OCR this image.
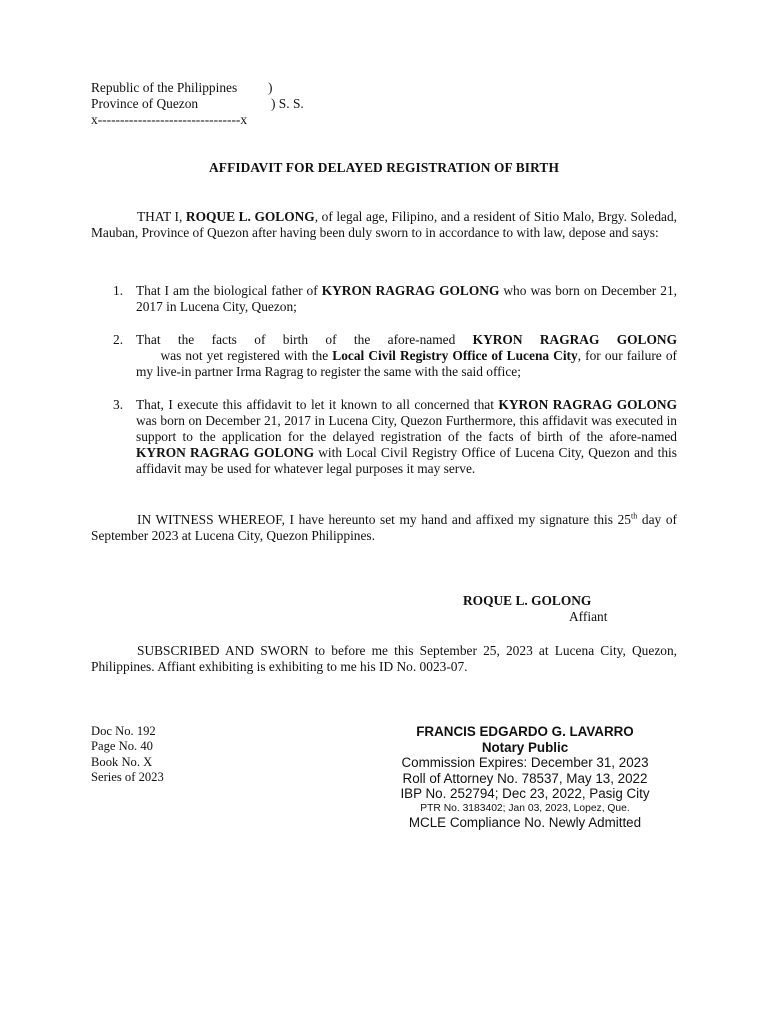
Republic of the Philippines )
Province of Quezon	) S. S.
x--------------------------------x
AFFIDAVIT FOR DELAYED REGISTRATION OF BIRTH
THAT I, ROQUE L. GOLONG, of legal age, Filipino, and a resident of Sitio Malo, Brgy. Soledad, Mauban, Province of Quezon after having been duly sworn to in accordance to with law, depose and says:
1. That I am the biological father of KYRON RAGRAG GOLONG who was born on December 21, 2017 in Lucena City, Quezon;
2. That the facts of birth of the afore-named KYRON RAGRAG GOLONG      was not yet registered with the Local Civil Registry Office of Lucena City, for our failure of my live-in partner Irma Ragrag to register the same with the said office;
3. That, I execute this affidavit to let it known to all concerned that KYRON RAGRAG GOLONG was born on December 21, 2017 in Lucena City, Quezon Furthermore, this affidavit was executed in support to the application for the delayed registration of the facts of birth of the afore-named KYRON RAGRAG GOLONG with Local Civil Registry Office of Lucena City, Quezon and this affidavit may be used for whatever legal purposes it may serve.
IN WITNESS WHEREOF, I have hereunto set my hand and affixed my signature this 25th day of September 2023 at Lucena City, Quezon Philippines.
ROQUE L. GOLONG
Affiant
SUBSCRIBED AND SWORN to before me this September 25, 2023 at Lucena City, Quezon, Philippines. Affiant exhibiting is exhibiting to me his ID No. 0023-07.
Doc No. 192
Page No. 40
Book No. X
Series of 2023
FRANCIS EDGARDO G. LAVARRO
Notary Public
Commission Expires: December 31, 2023
Roll of Attorney No. 78537, May 13, 2022
IBP No. 252794; Dec 23, 2022, Pasig City
PTR No. 3183402; Jan 03, 2023, Lopez, Que.
MCLE Compliance No. Newly Admitted
